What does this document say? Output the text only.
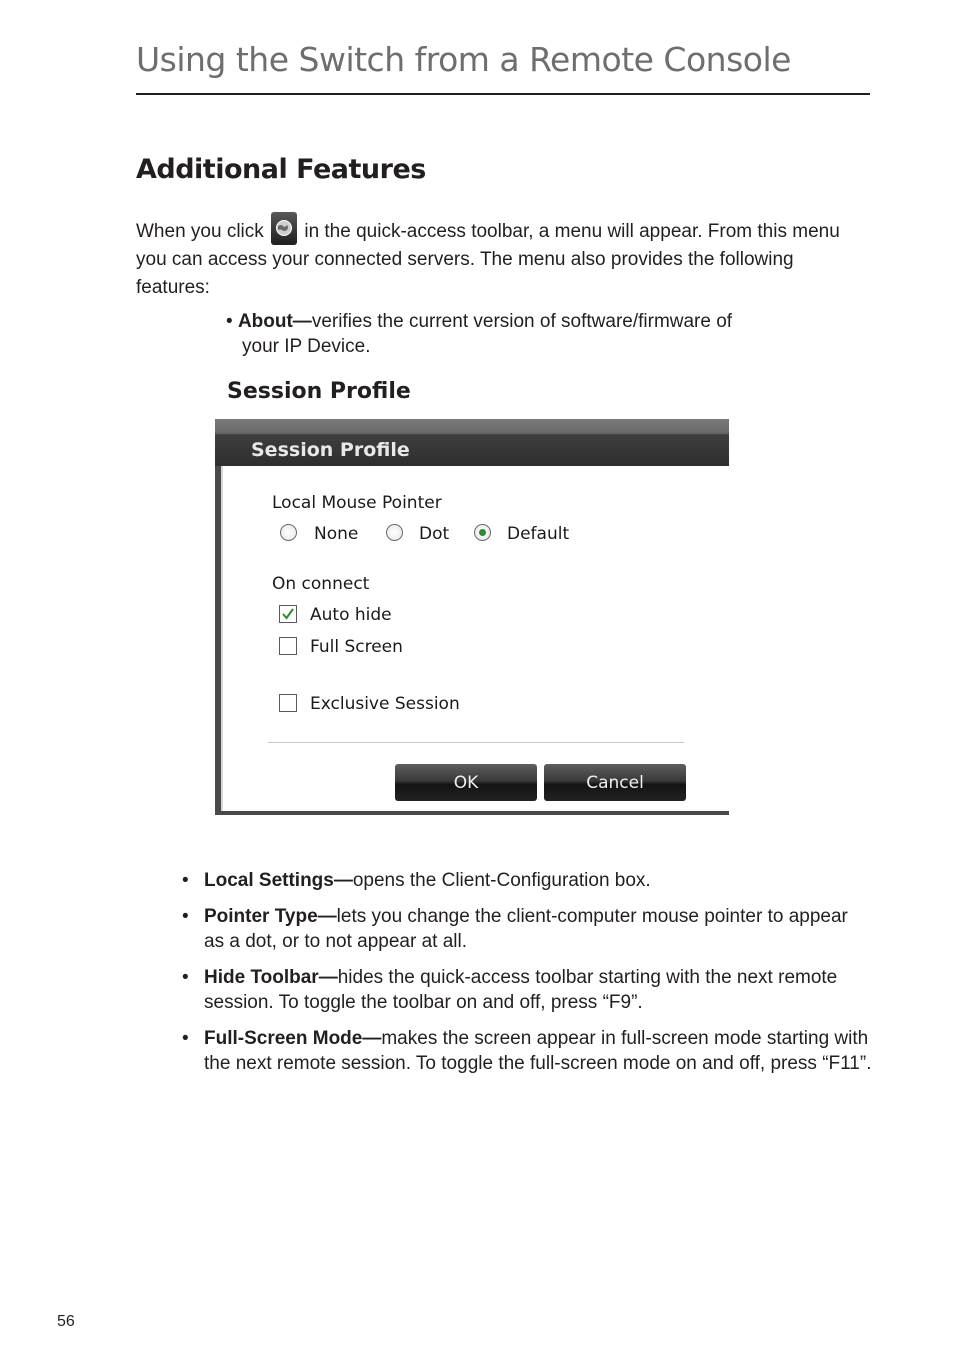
Using the Switch from a Remote Console
Additional Features
When you click
in the quick-access toolbar, a menu will appear. From this menu you can access your connected servers. The menu also provides the following features:
• About—verifies the current version of software/firmware of
your IP Device.
Session Profile
Session Profile
Local Mouse Pointer
None	Dot	Default
On connect
Auto hide
Full Screen
Exclusive Session
OK	Cancel
• Local Settings—opens the Client-Configuration box.
• Pointer Type—lets you change the client-computer mouse pointer to appear as a dot, or to not appear at all.
• Hide Toolbar—hides the quick-access toolbar starting with the next remote session. To toggle the toolbar on and off, press “F9”.
• Full-Screen Mode—makes the screen appear in full-screen mode starting with the next remote session. To toggle the full-screen mode on and off, press “F11”.
56
